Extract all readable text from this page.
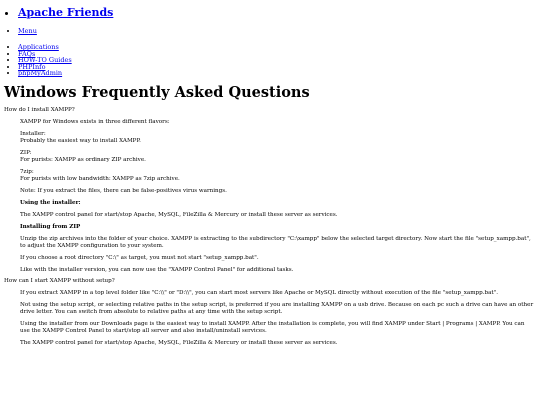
• Apache Friends
• Menu
• Applications
• FAQs
• HOW-TO Guides
• PHPInfo
• phpMyAdmin
Windows Frequently Asked Questions
How do I install XAMPP?

XAMPP for Windows exists in three different flavors:

Installer:
Probably the easiest way to install XAMPP.

ZIP:
For purists: XAMPP as ordinary ZIP archive.

7zip:
For purists with low bandwidth: XAMPP as 7zip archive.

Note: If you extract the files, there can be false-positives virus warnings.

Using the installer:

The XAMPP control panel for start/stop Apache, MySQL, FileZilla & Mercury or install these server as services.

Installing from ZIP

Unzip the zip archives into the folder of your choice. XAMPP is extracting to the subdirectory "C:\xampp" below the selected target directory. Now start the file "setup_xampp.bat", to adjust the XAMPP configuration to your system.

If you choose a root directory "C:\" as target, you must not start "setup_xampp.bat".

Like with the installer version, you can now use the "XAMPP Control Panel" for additional tasks.

How can I start XAMPP without setup?

If you extract XAMPP in a top level folder like "C:\\" or "D:\\", you can start most servers like Apache or MySQL directly without execution of the file "setup_xampp.bat".

Not using the setup script, or selecting relative paths in the setup script, is preferred if you are installing XAMPP on a usb drive. Because on each pc such a drive can have an other drive letter. You can switch from absolute to relative paths at any time with the setup script.

Using the installer from our Downloads page is the easiest way to install XAMPP. After the installation is complete, you will find XAMPP under Start | Programs | XAMPP. You can use the XAMPP Control Panel to start/stop all server and also install/uninstall services.

The XAMPP control panel for start/stop Apache, MySQL, FileZilla & Mercury or install these server as services.
